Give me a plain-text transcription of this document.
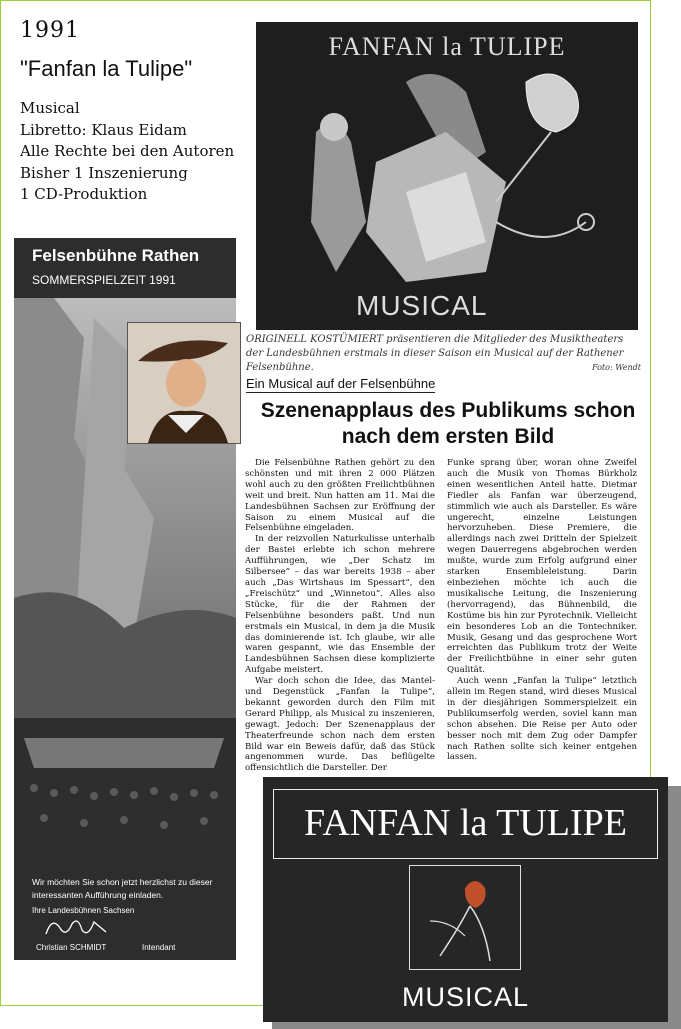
1991
"Fanfan la Tulipe"
Musical
Libretto: Klaus Eidam
Alle Rechte bei den Autoren
Bisher 1 Inszenierung
1 CD-Produktion
FANFAN la TULIPE
MUSICAL
ORIGINELL KOSTÜMIERT präsentieren die Mitglieder des Musiktheaters der Landesbühnen erstmals in dieser Saison ein Musical auf der Rathener Felsenbühne.	Foto: Wendt
Felsenbühne Rathen
SOMMERSPIELZEIT 1991
Wir möchten Sie schon jetzt herzlichst zu dieser interessanten Aufführung einladen.
Ihre Landesbühnen Sachsen
Christian SCHMIDT	Intendant
Ein Musical auf der Felsenbühne
Szenenapplaus des Publikums schon nach dem ersten Bild

Die Felsenbühne Rathen gehört zu den schönsten und mit ihren 2 000 Plätzen wohl auch zu den größten Freilichtbühnen weit und breit. Nun hatten am 11. Mai die Landesbühnen Sachsen zur Eröffnung der Saison zu einem Musical auf die Felsenbühne eingeladen.

In der reizvollen Naturkulisse unterhalb der Bastei erlebte ich schon mehrere Aufführungen, wie „Der Schatz im Silbersee“ – das war bereits 1938 – aber auch „Das Wirtshaus im Spessart“, den „Freischütz“ und „Winnetou“. Alles also Stücke, für die der Rahmen der Felsenbühne besonders paßt. Und nun erstmals ein Musical, in dem ja die Musik das dominierende ist. Ich glaube, wir alle waren gespannt, wie das Ensemble der Landesbühnen Sachsen diese komplizierte Aufgabe meistert.

War doch schon die Idee, das Mantel- und Degenstück „Fanfan la Tulipe“, bekannt geworden durch den Film mit Gerard Philipp, als Musical zu inszenieren, gewagt. Jedoch: Der Szenenapplaus der Theaterfreunde schon nach dem ersten Bild war ein Beweis dafür, daß das Stück angenommen wurde. Das beflügelte offensichtlich die Darsteller. Der

Funke sprang über, woran ohne Zweifel auch die Musik von Thomas Bürkholz einen wesentlichen Anteil hatte. Dietmar Fiedler als Fanfan war überzeugend, stimmlich wie auch als Darsteller. Es wäre ungerecht, einzelne Leistungen hervorzuheben. Diese Premiere, die allerdings nach zwei Dritteln der Spielzeit wegen Dauerregens abgebrochen werden mußte, wurde zum Erfolg aufgrund einer starken Ensembleleistung. Darin einbeziehen möchte ich auch die musikalische Leitung, die Inszenierung (hervorragend), das Bühnenbild, die Kostüme bis hin zur Pyrotechnik. Vielleicht ein besonderes Lob an die Tontechniker. Musik, Gesang und das gesprochene Wort erreichten das Publikum trotz der Weite der Freilichtbühne in einer sehr guten Qualität.

Auch wenn „Fanfan la Tulipe“ letztlich allein im Regen stand, wird dieses Musical in der diesjährigen Sommerspielzeit ein Publikumserfolg werden, soviel kann man schon absehen. Die Reise per Auto oder besser noch mit dem Zug oder Dampfer nach Rathen sollte sich keiner entgehen lassen.

FANFAN la TULIPE
MUSICAL
